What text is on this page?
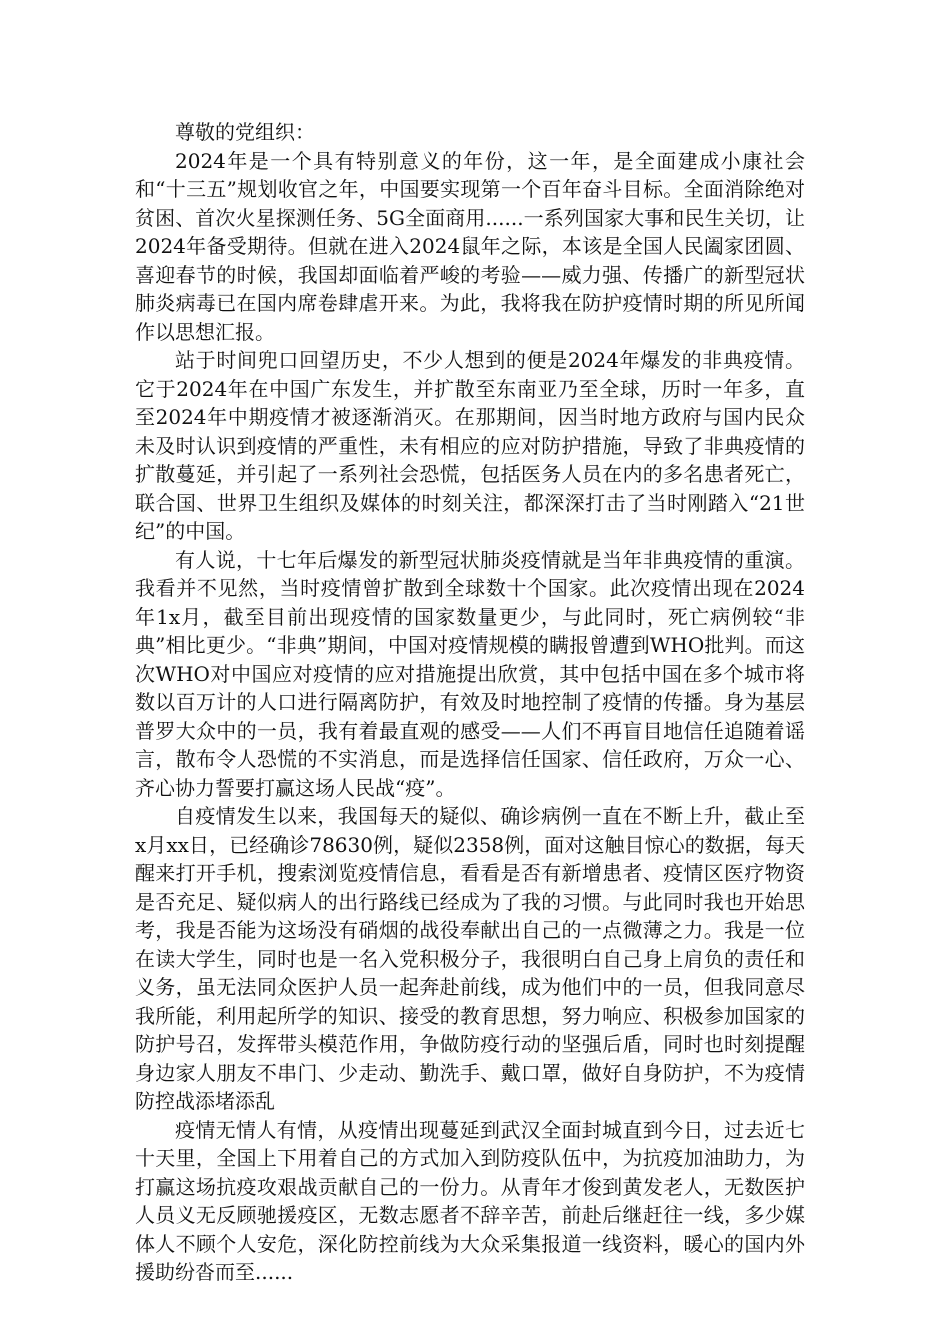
尊敬的党组织：

2024年是一个具有特别意义的年份，这一年，是全面建成小康社会和“十三五”规划收官之年，中国要实现第一个百年奋斗目标。全面消除绝对贫困、首次火星探测任务、5G全面商用......一系列国家大事和民生关切，让2024年备受期待。但就在进入2024鼠年之际，本该是全国人民阖家团圆、喜迎春节的时候，我国却面临着严峻的考验——威力强、传播广的新型冠状肺炎病毒已在国内席卷肆虐开来。为此，我将我在防护疫情时期的所见所闻作以思想汇报。

站于时间兜口回望历史，不少人想到的便是2024年爆发的非典疫情。它于2024年在中国广东发生，并扩散至东南亚乃至全球，历时一年多，直至2024年中期疫情才被逐渐消灭。在那期间，因当时地方政府与国内民众未及时认识到疫情的严重性，未有相应的应对防护措施，导致了非典疫情的扩散蔓延，并引起了一系列社会恐慌，包括医务人员在内的多名患者死亡，联合国、世界卫生组织及媒体的时刻关注，都深深打击了当时刚踏入“21世纪”的中国。

有人说，十七年后爆发的新型冠状肺炎疫情就是当年非典疫情的重演。我看并不见然，当时疫情曾扩散到全球数十个国家。此次疫情出现在2024年1x月，截至目前出现疫情的国家数量更少，与此同时，死亡病例较“非典”相比更少。“非典”期间，中国对疫情规模的瞒报曾遭到WHO批判。而这次WHO对中国应对疫情的应对措施提出欣赏，其中包括中国在多个城市将数以百万计的人口进行隔离防护，有效及时地控制了疫情的传播。身为基层普罗大众中的一员，我有着最直观的感受——人们不再盲目地信任追随着谣言，散布令人恐慌的不实消息，而是选择信任国家、信任政府，万众一心、齐心协力誓要打赢这场人民战“疫”。

自疫情发生以来，我国每天的疑似、确诊病例一直在不断上升，截止至x月xx日，已经确诊78630例，疑似2358例，面对这触目惊心的数据，每天醒来打开手机，搜索浏览疫情信息，看看是否有新增患者、疫情区医疗物资是否充足、疑似病人的出行路线已经成为了我的习惯。与此同时我也开始思考，我是否能为这场没有硝烟的战役奉献出自己的一点微薄之力。我是一位在读大学生，同时也是一名入党积极分子，我很明白自己身上肩负的责任和义务，虽无法同众医护人员一起奔赴前线，成为他们中的一员，但我同意尽我所能，利用起所学的知识、接受的教育思想，努力响应、积极参加国家的防护号召，发挥带头模范作用，争做防疫行动的坚强后盾，同时也时刻提醒身边家人朋友不串门、少走动、勤洗手、戴口罩，做好自身防护，不为疫情防控战添堵添乱

疫情无情人有情，从疫情出现蔓延到武汉全面封城直到今日，过去近七十天里，全国上下用着自己的方式加入到防疫队伍中，为抗疫加油助力，为打赢这场抗疫攻艰战贡献自己的一份力。从青年才俊到黄发老人，无数医护人员义无反顾驰援疫区，无数志愿者不辞辛苦，前赴后继赶往一线，多少媒体人不顾个人安危，深化防控前线为大众采集报道一线资料，暖心的国内外援助纷沓而至......
